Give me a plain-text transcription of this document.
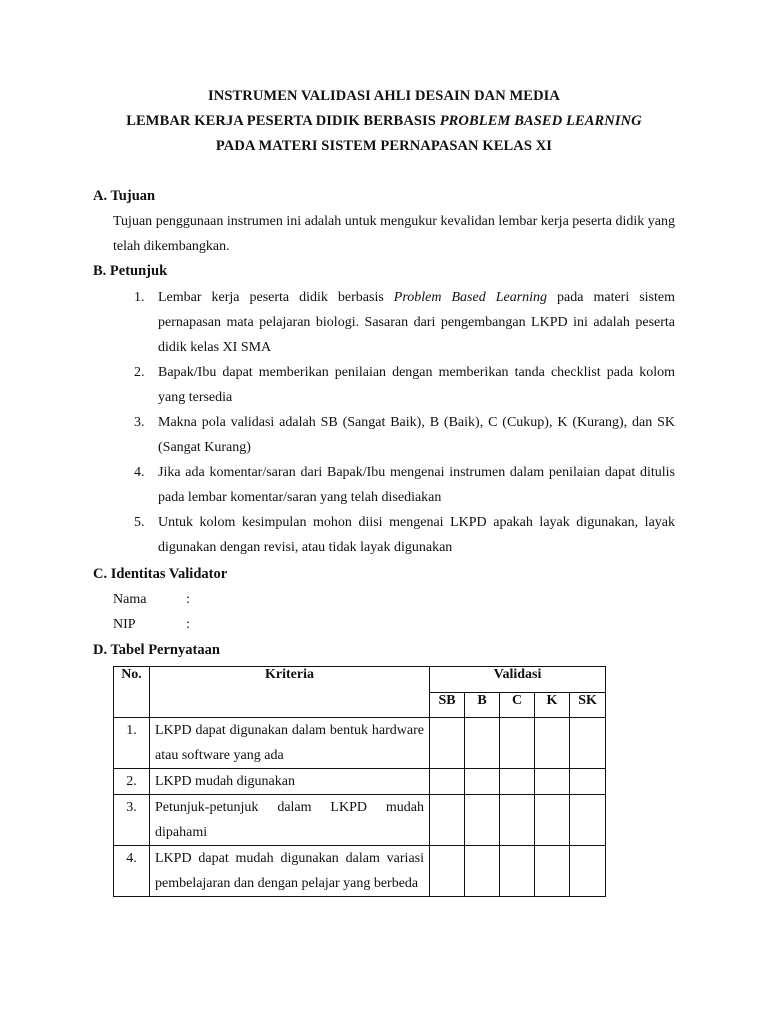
INSTRUMEN VALIDASI AHLI DESAIN DAN MEDIA
LEMBAR KERJA PESERTA DIDIK BERBASIS PROBLEM BASED LEARNING
PADA MATERI SISTEM PERNAPASAN KELAS XI
A. Tujuan
Tujuan penggunaan instrumen ini adalah untuk mengukur kevalidan lembar kerja peserta didik yang telah dikembangkan.
B. Petunjuk
1. Lembar kerja peserta didik berbasis Problem Based Learning pada materi sistem pernapasan mata pelajaran biologi. Sasaran dari pengembangan LKPD ini adalah peserta didik kelas XI SMA
2. Bapak/Ibu dapat memberikan penilaian dengan memberikan tanda checklist pada kolom yang tersedia
3. Makna pola validasi adalah SB (Sangat Baik), B (Baik), C (Cukup), K (Kurang), dan SK (Sangat Kurang)
4. Jika ada komentar/saran dari Bapak/Ibu mengenai instrumen dalam penilaian dapat ditulis pada lembar komentar/saran yang telah disediakan
5. Untuk kolom kesimpulan mohon diisi mengenai LKPD apakah layak digunakan, layak digunakan dengan revisi, atau tidak layak digunakan
C. Identitas Validator
Nama	:
NIP	:
D. Tabel Pernyataan
No.	Kriteria	Validasi				
		SB	B	C	K	SK
1.	LKPD dapat digunakan dalam bentuk hardware atau software yang ada					
2.	LKPD mudah digunakan					
3.	Petunjuk-petunjuk dalam LKPD mudah dipahami					
4.	LKPD dapat mudah digunakan dalam variasi pembelajaran dan dengan pelajar yang berbeda					
